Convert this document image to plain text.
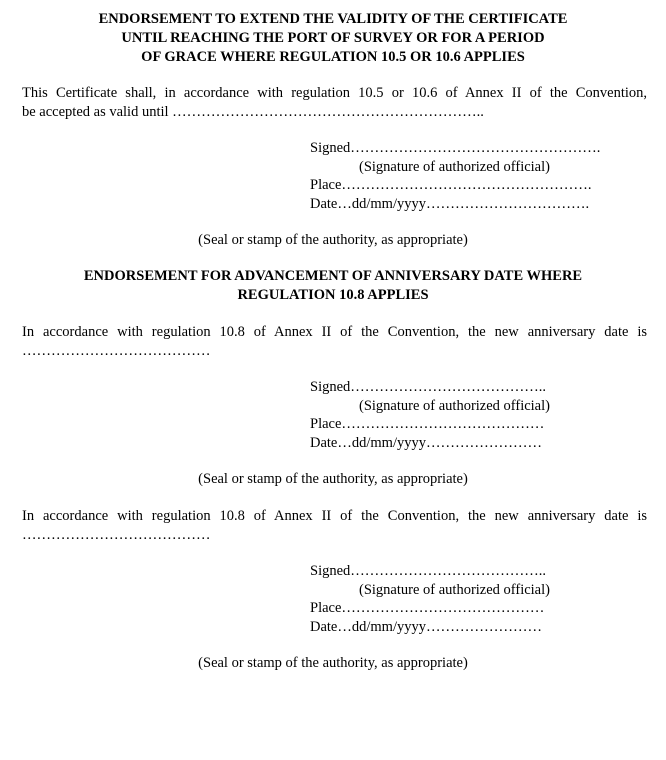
ENDORSEMENT TO EXTEND THE VALIDITY OF THE CERTIFICATE
UNTIL REACHING THE PORT OF SURVEY OR FOR A PERIOD
OF GRACE WHERE REGULATION 10.5 OR 10.6 APPLIES
This Certificate shall, in accordance with regulation 10.5 or 10.6 of Annex II of the Convention,
be accepted as valid until ………………………………………………………..
Signed…………………………………………….
(Signature of authorized official)
Place…………………………………………….
Date…dd/mm/yyyy…………………………….
(Seal or stamp of the authority, as appropriate)
ENDORSEMENT FOR ADVANCEMENT OF ANNIVERSARY DATE WHERE
REGULATION 10.8 APPLIES
In accordance with regulation 10.8 of Annex II of the Convention, the new anniversary date is
…………………………………
Signed…………………………………..
(Signature of authorized official)
Place……………………………………
Date…dd/mm/yyyy……………………
(Seal or stamp of the authority, as appropriate)
In accordance with regulation 10.8 of Annex II of the Convention, the new anniversary date is
…………………………………
Signed…………………………………..
(Signature of authorized official)
Place……………………………………
Date…dd/mm/yyyy……………………
(Seal or stamp of the authority, as appropriate)
